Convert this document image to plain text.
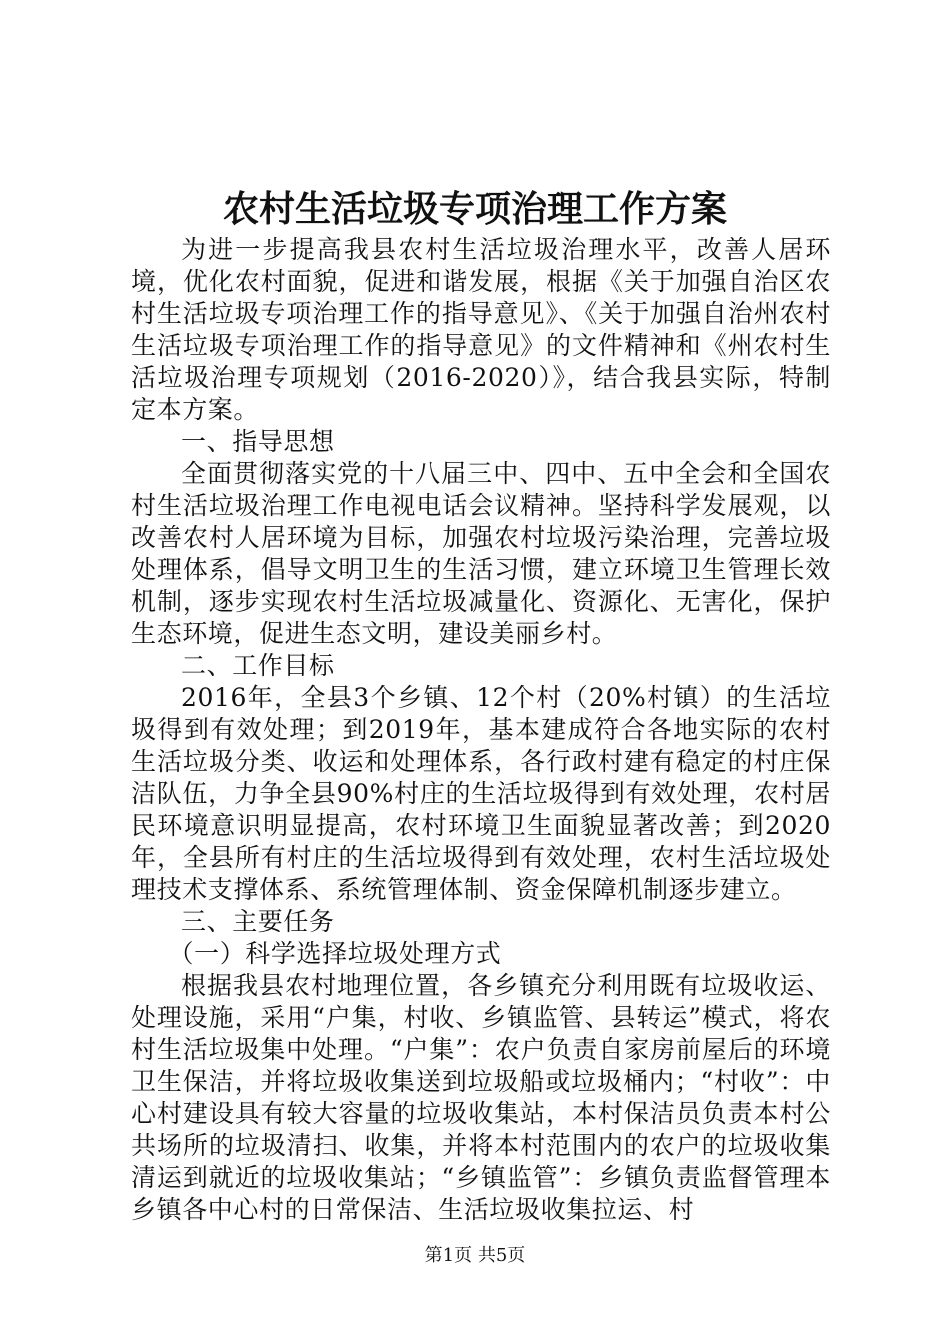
农村生活垃圾专项治理工作方案

为进一步提高我县农村生活垃圾治理水平，改善人居环境，优化农村面貌，促进和谐发展，根据《关于加强自治区农村生活垃圾专项治理工作的指导意见》、《关于加强自治州农村生活垃圾专项治理工作的指导意见》的文件精神和《州农村生活垃圾治理专项规划（2016-2020）》，结合我县实际，特制定本方案。

一、指导思想

全面贯彻落实党的十八届三中、四中、五中全会和全国农村生活垃圾治理工作电视电话会议精神。坚持科学发展观，以改善农村人居环境为目标，加强农村垃圾污染治理，完善垃圾处理体系，倡导文明卫生的生活习惯，建立环境卫生管理长效机制，逐步实现农村生活垃圾减量化、资源化、无害化，保护生态环境，促进生态文明，建设美丽乡村。

二、工作目标

2016年，全县3个乡镇、12个村（20%村镇）的生活垃圾得到有效处理；到2019年，基本建成符合各地实际的农村生活垃圾分类、收运和处理体系，各行政村建有稳定的村庄保洁队伍，力争全县90%村庄的生活垃圾得到有效处理，农村居民环境意识明显提高，农村环境卫生面貌显著改善；到2020年，全县所有村庄的生活垃圾得到有效处理，农村生活垃圾处理技术支撑体系、系统管理体制、资金保障机制逐步建立。

三、主要任务

（一）科学选择垃圾处理方式

根据我县农村地理位置，各乡镇充分利用既有垃圾收运、处理设施，采用“户集，村收、乡镇监管、县转运”模式，将农村生活垃圾集中处理。“户集”：农户负责自家房前屋后的环境卫生保洁，并将垃圾收集送到垃圾船或垃圾桶内；“村收”：中心村建设具有较大容量的垃圾收集站，本村保洁员负责本村公共场所的垃圾清扫、收集，并将本村范围内的农户的垃圾收集清运到就近的垃圾收集站；“乡镇监管”：乡镇负责监督管理本乡镇各中心村的日常保洁、生活垃圾收集拉运、村

第1页 共5页
